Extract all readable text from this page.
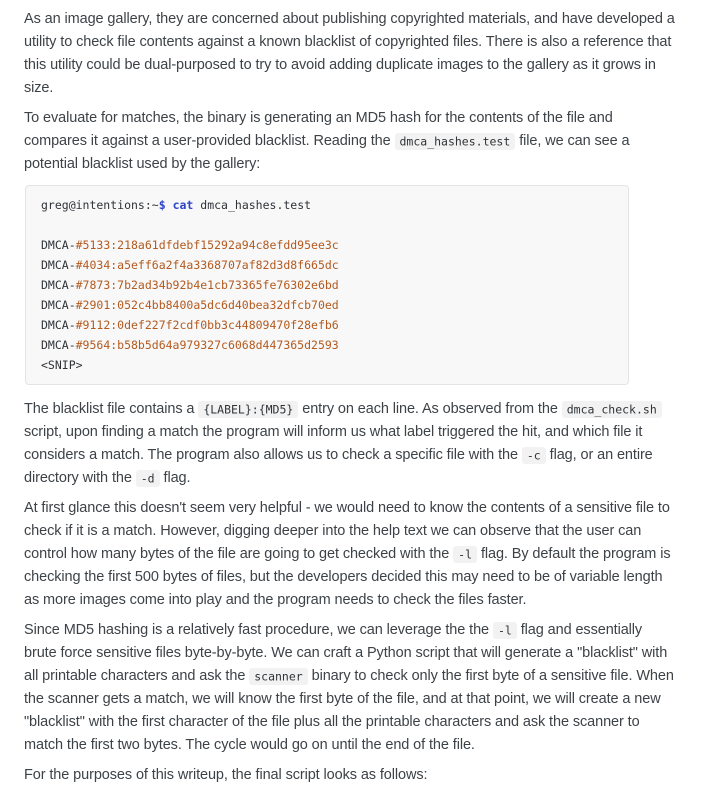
As an image gallery, they are concerned about publishing copyrighted materials, and have developed a utility to check file contents against a known blacklist of copyrighted files. There is also a reference that this utility could be dual-purposed to try to avoid adding duplicate images to the gallery as it grows in size.

To evaluate for matches, the binary is generating an MD5 hash for the contents of the file and compares it against a user-provided blacklist. Reading the dmca_hashes.test file, we can see a potential blacklist used by the gallery:

greg@intentions:~$ cat dmca_hashes.test

DMCA-#5133:218a61dfdebf15292a94c8efdd95ee3c
DMCA-#4034:a5eff6a2f4a3368707af82d3d8f665dc
DMCA-#7873:7b2ad34b92b4e1cb73365fe76302e6bd
DMCA-#2901:052c4bb8400a5dc6d40bea32dfcb70ed
DMCA-#9112:0def227f2cdf0bb3c44809470f28efb6
DMCA-#9564:b58b5d64a979327c6068d447365d2593
<SNIP>

The blacklist file contains a {LABEL}:{MD5} entry on each line. As observed from the dmca_check.sh script, upon finding a match the program will inform us what label triggered the hit, and which file it considers a match. The program also allows us to check a specific file with the -c flag, or an entire directory with the -d flag.

At first glance this doesn't seem very helpful - we would need to know the contents of a sensitive file to check if it is a match. However, digging deeper into the help text we can observe that the user can control how many bytes of the file are going to get checked with the -l flag. By default the program is checking the first 500 bytes of files, but the developers decided this may need to be of variable length as more images come into play and the program needs to check the files faster.

Since MD5 hashing is a relatively fast procedure, we can leverage the the -l flag and essentially brute force sensitive files byte-by-byte. We can craft a Python script that will generate a "blacklist" with all printable characters and ask the scanner binary to check only the first byte of a sensitive file. When the scanner gets a match, we will know the first byte of the file, and at that point, we will create a new "blacklist" with the first character of the file plus all the printable characters and ask the scanner to match the first two bytes. The cycle would go on until the end of the file.

For the purposes of this writeup, the final script looks as follows:
